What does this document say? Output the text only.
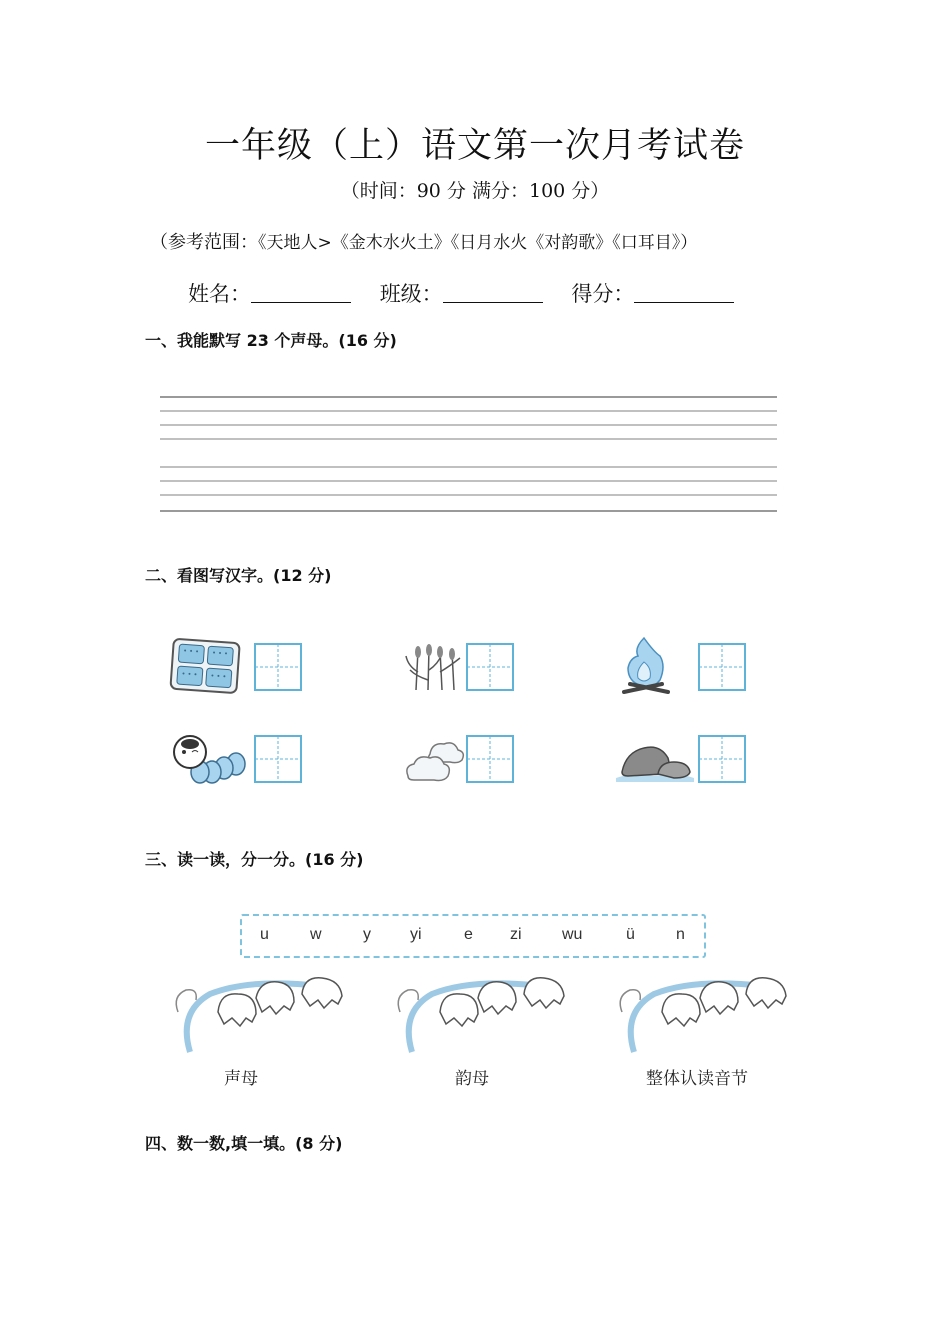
一年级（上）语文第一次月考试卷
（时间：90 分 满分：100 分）
（参考范围：《天地人>《金木水火土》《日月水火《对韵歌》《口耳目》）
姓名：	班级：	得分：
一、我能默写 23 个声母。(16 分)
二、看图写汉字。(12 分)
三、读一读，分一分。(16 分)
u	w	y yi	e zi	wu	ü	n
声母	韵母	整体认读音节
四、数一数,填一填。(8 分)
